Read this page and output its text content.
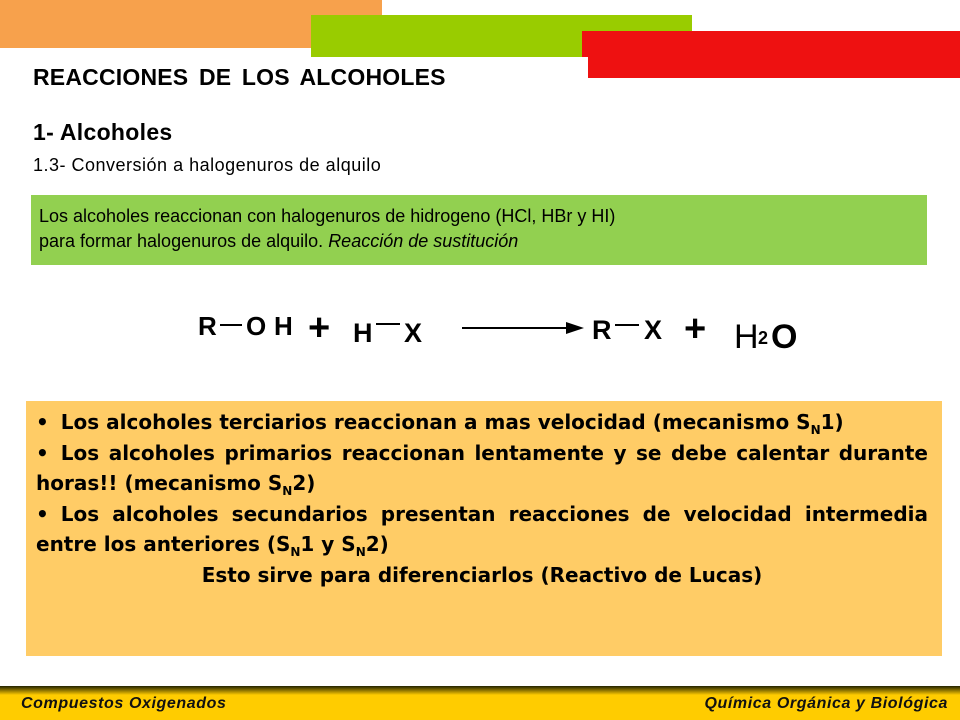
REACCIONES DE LOS ALCOHOLES
1- Alcoholes

1.3- Conversión a halogenuros de alquilo

Los alcoholes reaccionan con halogenuros de hidrogeno (HCl, HBr y HI)
para formar halogenuros de alquilo. Reacción de sustitución
R O H + H X	R X + H 2 O

• Los alcoholes terciarios reaccionan a mas velocidad (mecanismo $S_N1$)

• Los alcoholes primarios reaccionan lentamente y se debe calentar durante horas!! (mecanismo $S_N2$)

• Los alcoholes secundarios presentan reacciones de velocidad intermedia entre los anteriores ($S_N1$ y $S_N2$)

Esto sirve para diferenciarlos (Reactivo de Lucas)

Compuestos Oxigenados	Química Orgánica y Biológica
